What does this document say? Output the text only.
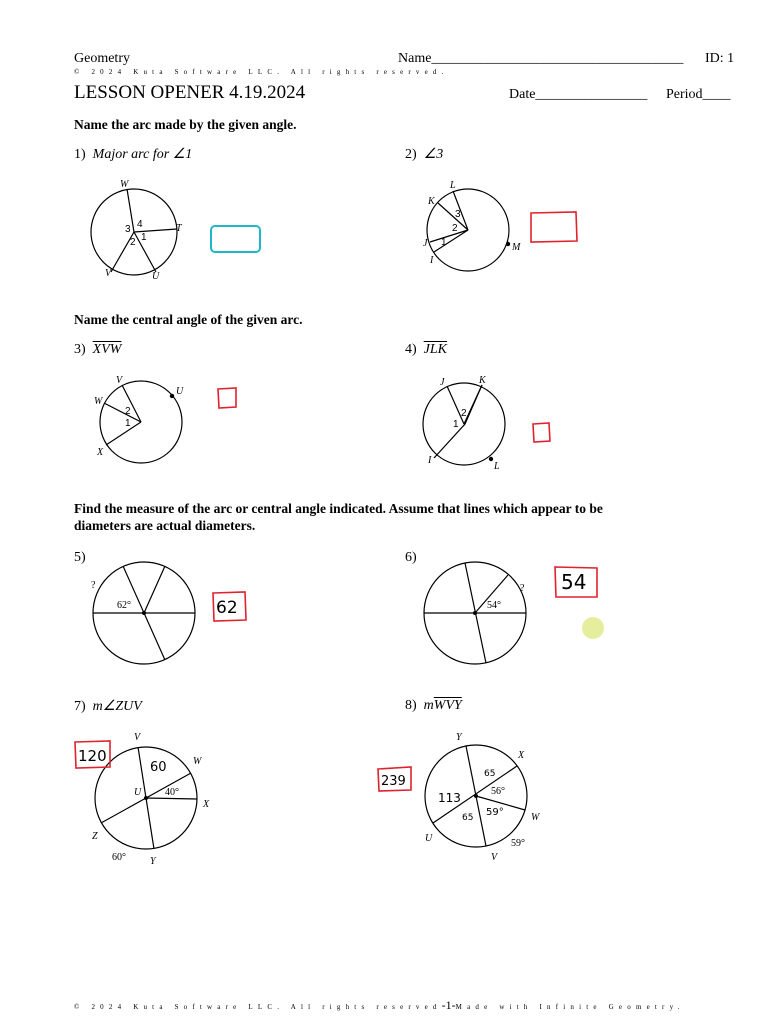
Geometry	Name____________________________________ ID: 1
© 2024 Kuta Software LLC. All rights reserved.
LESSON OPENER 4.19.2024	Date________________ Period____
Name the arc made by the given angle.
1) Major arc for ∠1	2) ∠3
W
T
V	U
4
3
1
2
L
K
J
I
M
3
2
1
Name the central angle of the given arc.
3) $\overline{XVW}$	4) $\overline{JLK}$
V
U
W
X
2
1
J	K
I
L
2
1
Find the measure of the arc or central angle indicated. Assume that lines which appear to be
diameters are actual diameters.
5)	6)
?
62°	62
?
54°
54
7) m∠ZUV	8) $m\overline{WVY}$
V
W
U
X
Z
Y
40°
60°
60
120
Y
X
W
U
V
56°
59°
65
113
65 59°
239
© 2024 Kuta Software LLC. All rights reserved-1-Made with Infinite Geometry.
